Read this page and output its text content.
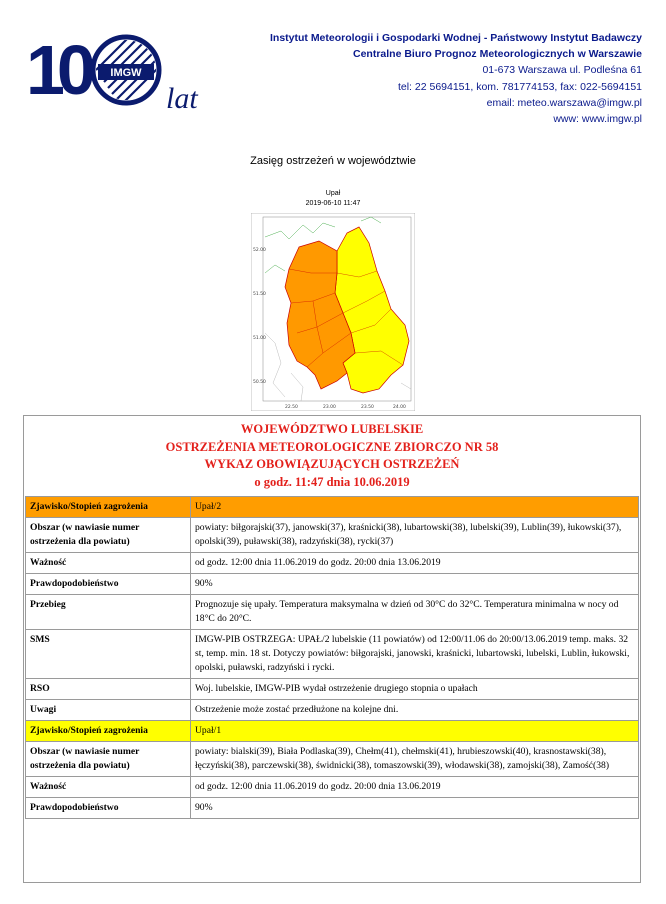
10	IMGW
lat
Instytut Meteorologii i Gospodarki Wodnej - Państwowy Instytut Badawczy
Centralne Biuro Prognoz Meteorologicznych w Warszawie
01-673 Warszawa ul. Podleśna 61
tel: 22 5694151, kom. 781774153, fax: 022-5694151
email: meteo.warszawa@imgw.pl
www: www.imgw.pl
Zasięg ostrzeżeń w województwie
Upał
2019-06-10 11:47
52.00
51.50
51.00
50.50
22.50	23.00	23.50	24.00
WOJEWÓDZTWO LUBELSKIE
OSTRZEŻENIA METEOROLOGICZNE ZBIORCZO NR 58
WYKAZ OBOWIĄZUJĄCYCH OSTRZEŻEŃ
o godz. 11:47 dnia 10.06.2019
Zjawisko/Stopień zagrożenia	Upał/2
Obszar (w nawiasie numer ostrzeżenia dla powiatu)	powiaty: biłgorajski(37), janowski(37), kraśnicki(38), lubartowski(38), lubelski(39), Lublin(39), łukowski(37), opolski(39), puławski(38), radzyński(38), rycki(37)
Ważność	od godz. 12:00 dnia 11.06.2019 do godz. 20:00 dnia 13.06.2019
Prawdopodobieństwo	90%
Przebieg	Prognozuje się upały. Temperatura maksymalna w dzień od 30°C do 32°C. Temperatura minimalna w nocy od 18°C do 20°C.
SMS	IMGW-PIB OSTRZEGA: UPAŁ/2 lubelskie (11 powiatów) od 12:00/11.06 do 20:00/13.06.2019 temp. maks. 32 st, temp. min. 18 st. Dotyczy powiatów: biłgorajski, janowski, kraśnicki, lubartowski, lubelski, Lublin, łukowski, opolski, puławski, radzyński i rycki.
RSO	Woj. lubelskie, IMGW-PIB wydał ostrzeżenie drugiego stopnia o upałach
Uwagi	Ostrzeżenie może zostać przedłużone na kolejne dni.
Zjawisko/Stopień zagrożenia	Upał/1
Obszar (w nawiasie numer ostrzeżenia dla powiatu)	powiaty: bialski(39), Biała Podlaska(39), Chełm(41), chełmski(41), hrubieszowski(40), krasnostawski(38), łęczyński(38), parczewski(38), świdnicki(38), tomaszowski(39), włodawski(38), zamojski(38), Zamość(38)
Ważność	od godz. 12:00 dnia 11.06.2019 do godz. 20:00 dnia 13.06.2019
Prawdopodobieństwo	90%
